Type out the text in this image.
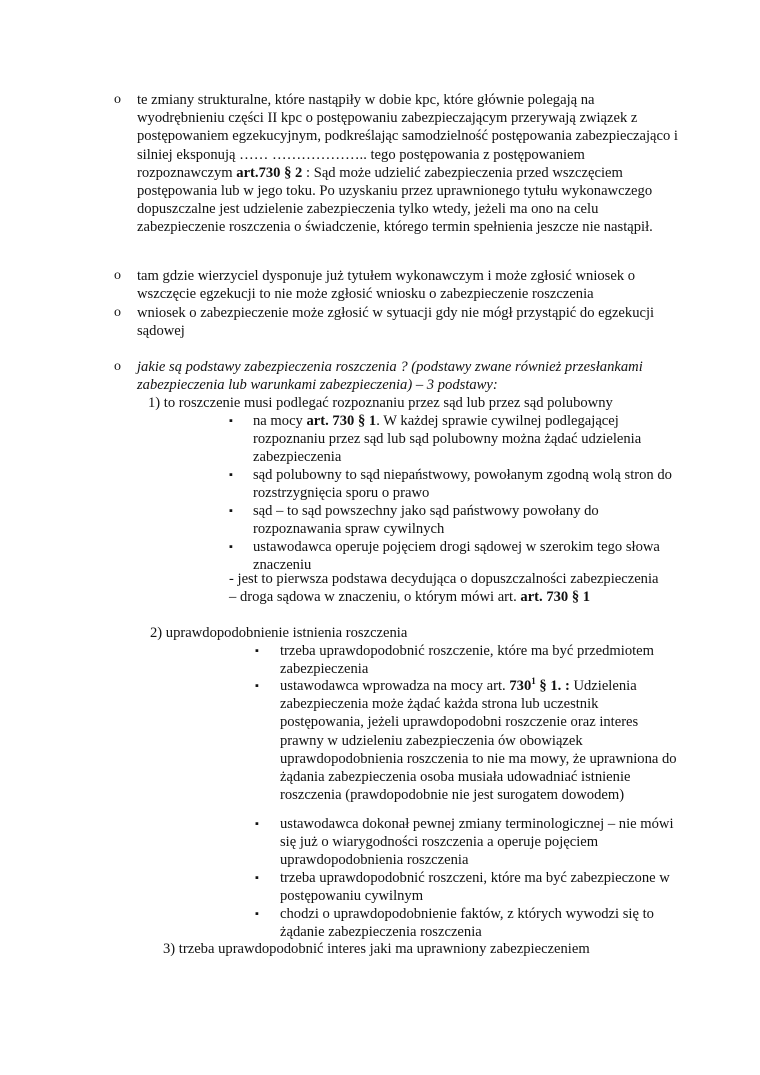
o te zmiany strukturalne, które nastąpiły w dobie kpc, które głównie polegają na wyodrębnieniu części II kpc o postępowaniu zabezpieczającym przerywają związek z postępowaniem egzekucyjnym, podkreślając samodzielność postępowania zabezpieczająco i silniej eksponują …… ……………….. tego postępowania z postępowaniem rozpoznawczym art.730 § 2 : Sąd może udzielić zabezpieczenia przed wszczęciem postępowania lub w jego toku. Po uzyskaniu przez uprawnionego tytułu wykonawczego dopuszczalne jest udzielenie zabezpieczenia tylko wtedy, jeżeli ma ono na celu zabezpieczenie roszczenia o świadczenie, którego termin spełnienia jeszcze nie nastąpił.
o tam gdzie wierzyciel dysponuje już tytułem wykonawczym i może zgłosić wniosek o wszczęcie egzekucji to nie może zgłosić wniosku o zabezpieczenie roszczenia
o wniosek o zabezpieczenie może zgłosić w sytuacji gdy nie mógł przystąpić do egzekucji sądowej
o jakie są podstawy zabezpieczenia roszczenia ? (podstawy zwane również przesłankami zabezpieczenia lub warunkami zabezpieczenia) – 3 podstawy:
1) to roszczenie musi podlegać rozpoznaniu przez sąd lub przez sąd polubowny
▪ na mocy art. 730 § 1. W każdej sprawie cywilnej podlegającej rozpoznaniu przez sąd lub sąd polubowny można żądać udzielenia zabezpieczenia
▪ sąd polubowny to sąd niepaństwowy, powołanym zgodną wolą stron do rozstrzygnięcia sporu o prawo
▪ sąd – to sąd powszechny jako sąd państwowy powołany do rozpoznawania spraw cywilnych
▪ ustawodawca operuje pojęciem drogi sądowej w szerokim tego słowa znaczeniu
- jest to pierwsza podstawa decydująca o dopuszczalności zabezpieczenia – droga sądowa w znaczeniu, o którym mówi art. art. 730 § 1
2) uprawdopodobnienie istnienia roszczenia
▪ trzeba uprawdopodobnić roszczenie, które ma być przedmiotem zabezpieczenia
▪ ustawodawca wprowadza na mocy art. $730^1$ § 1. : Udzielenia zabezpieczenia może żądać każda strona lub uczestnik postępowania, jeżeli uprawdopodobni roszczenie oraz interes prawny w udzieleniu zabezpieczenia ów obowiązek uprawdopodobnienia roszczenia to nie ma mowy, że uprawniona do żądania zabezpieczenia osoba musiała udowadniać istnienie roszczenia (prawdopodobnie nie jest surogatem dowodem)
▪ ustawodawca dokonał pewnej zmiany terminologicznej – nie mówi się już o wiarygodności roszczenia a operuje pojęciem uprawdopodobnienia roszczenia
▪ trzeba uprawdopodobnić roszczeni, które ma być zabezpieczone w postępowaniu cywilnym
▪ chodzi o uprawdopodobnienie faktów, z których wywodzi się to żądanie zabezpieczenia roszczenia
3) trzeba uprawdopodobnić interes jaki ma uprawniony zabezpieczeniem
